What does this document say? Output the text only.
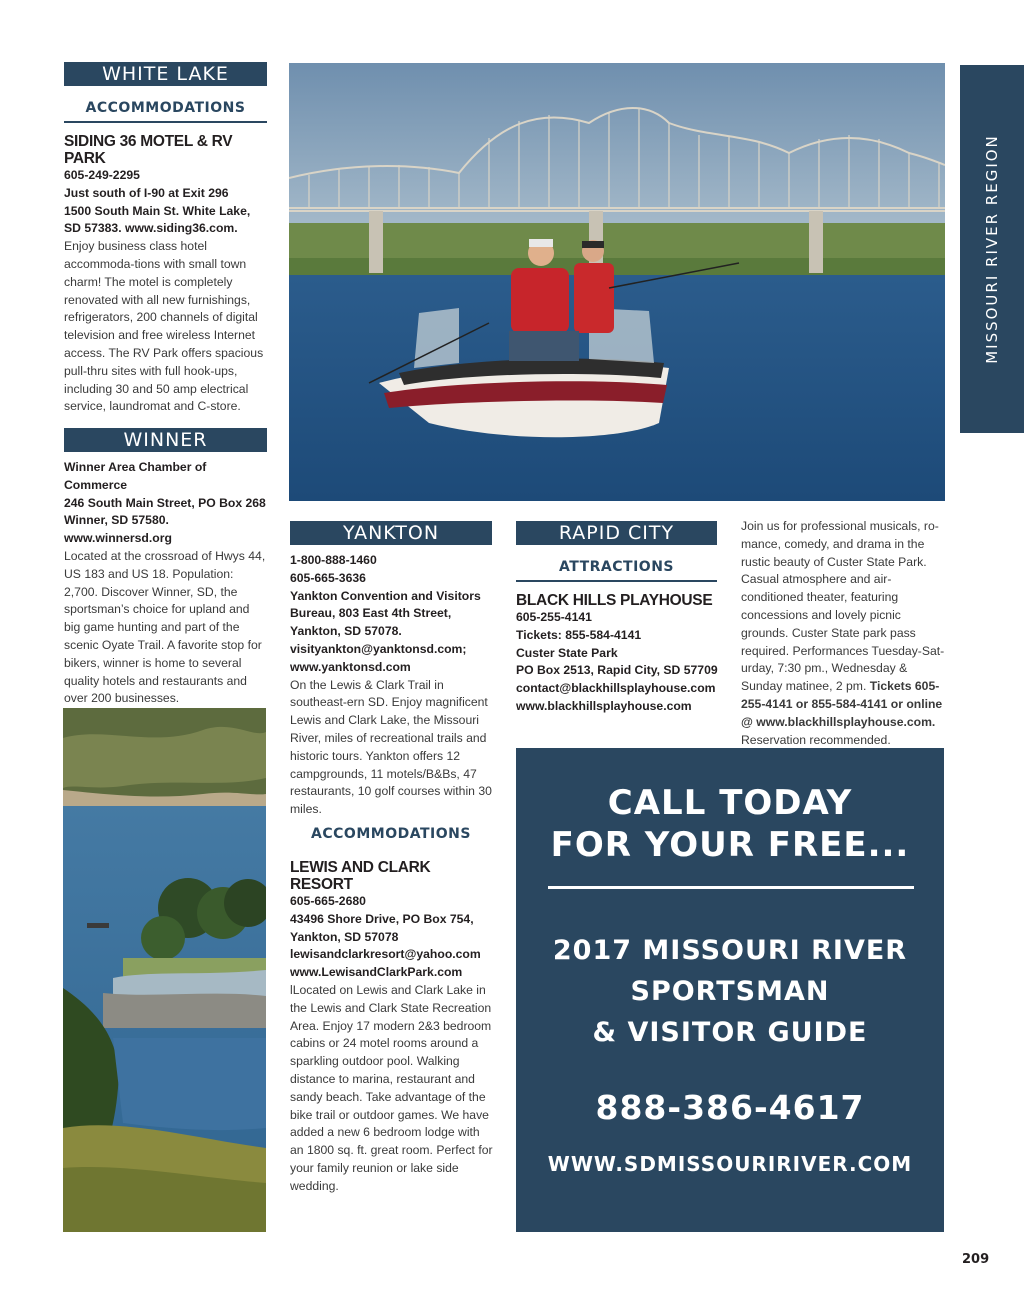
MISSOURI RIVER REGION
WHITE LAKE
ACCOMMODATIONS
SIDING 36 MOTEL & RV PARK
605-249-2295
Just south of I-90 at Exit 296
1500 South Main St. White Lake, SD 57383. www.siding36.com.
Enjoy business class hotel accommoda-tions with small town charm! The motel is completely renovated with all new furnishings, refrigerators, 200 channels of digital television and free wireless Internet access. The RV Park offers spacious pull-thru sites with full hook-ups, including 30 and 50 amp electrical service, laundromat and C-store.
WINNER
Winner Area Chamber of Commerce
246 South Main Street, PO Box 268
Winner, SD 57580.
www.winnersd.org
Located at the crossroad of Hwys 44, US 183 and US 18. Population: 2,700. Discover Winner, SD, the sportsman’s choice for upland and big game hunting and part of the scenic Oyate Trail. A favorite stop for bikers, winner is home to several quality hotels and restaurants and over 200 businesses.
YANKTON
1-800-888-1460
605-665-3636
Yankton Convention and Visitors Bureau, 803 East 4th Street, Yankton, SD 57078.
visityankton@yanktonsd.com;
www.yanktonsd.com
On the Lewis & Clark Trail in southeast-ern SD. Enjoy magnificent Lewis and Clark Lake, the Missouri River, miles of recreational trails and historic tours. Yankton offers 12 campgrounds, 11 motels/B&Bs, 47 restaurants, 10 golf courses within 30 miles.
ACCOMMODATIONS
LEWIS AND CLARK RESORT
605-665-2680
43496 Shore Drive, PO Box 754,
Yankton, SD 57078
lewisandclarkresort@yahoo.com
www.LewisandClarkPark.com
lLocated on Lewis and Clark Lake in the Lewis and Clark State Recreation Area. Enjoy 17 modern 2&3 bedroom cabins or 24 motel rooms around a sparkling outdoor pool. Walking distance to marina, restaurant and sandy beach. Take advantage of the bike trail or outdoor games. We have added a new 6 bedroom lodge with an 1800 sq. ft. great room. Perfect for your family reunion or lake side wedding.
RAPID CITY
ATTRACTIONS
BLACK HILLS PLAYHOUSE
605-255-4141
Tickets: 855-584-4141
Custer State Park
PO Box 2513, Rapid City, SD 57709
contact@blackhillsplayhouse.com
www.blackhillsplayhouse.com
Join us for professional musicals, ro-mance, comedy, and drama in the rustic beauty of Custer State Park. Casual atmosphere and air-conditioned theater, featuring concessions and lovely picnic grounds. Custer State park pass required. Performances Tuesday-Sat-urday, 7:30 pm., Wednesday & Sunday matinee, 2 pm. Tickets 605-255-4141 or 855-584-4141 or online @ www.blackhillsplayhouse.com. Reservation recommended.
CALL TODAY
FOR YOUR FREE...
2017 MISSOURI RIVER
SPORTSMAN
& VISITOR GUIDE
888-386-4617
WWW.SDMISSOURIRIVER.COM
209
